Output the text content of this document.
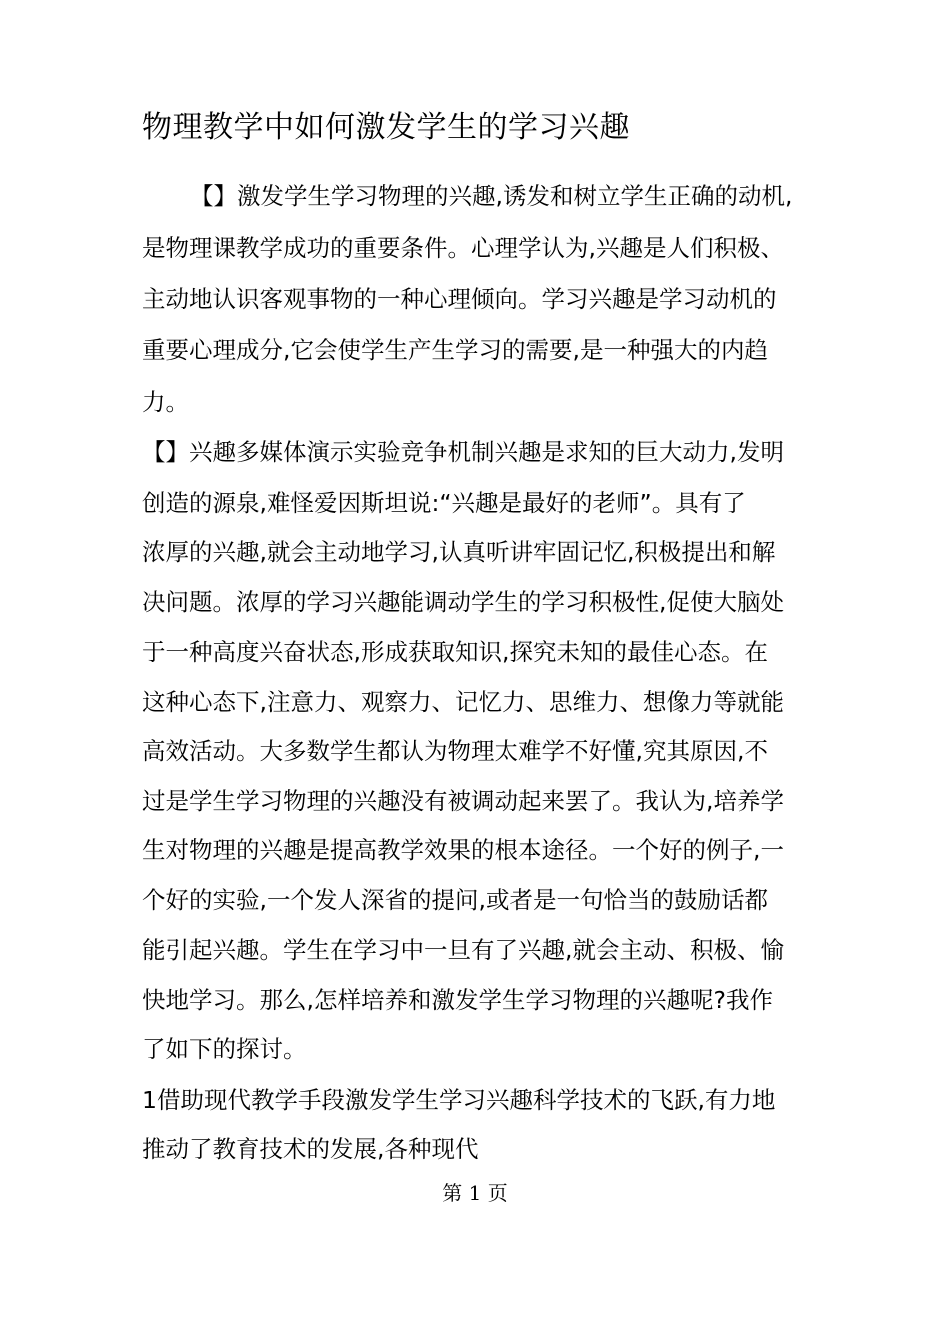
物理教学中如何激发学生的学习兴趣

【】激发学生学习物理的兴趣,诱发和树立学生正确的动机,

是物理课教学成功的重要条件。心理学认为,兴趣是人们积极、

主动地认识客观事物的一种心理倾向。学习兴趣是学习动机的

重要心理成分,它会使学生产生学习的需要,是一种强大的内趋

力。

【】兴趣多媒体演示实验竞争机制兴趣是求知的巨大动力,发明

创造的源泉,难怪爱因斯坦说:“兴趣是最好的老师”。具有了

浓厚的兴趣,就会主动地学习,认真听讲牢固记忆,积极提出和解

决问题。浓厚的学习兴趣能调动学生的学习积极性,促使大脑处

于一种高度兴奋状态,形成获取知识,探究未知的最佳心态。在

这种心态下,注意力、观察力、记忆力、思维力、想像力等就能

高效活动。大多数学生都认为物理太难学不好懂,究其原因,不

过是学生学习物理的兴趣没有被调动起来罢了。我认为,培养学

生对物理的兴趣是提高教学效果的根本途径。一个好的例子,一

个好的实验,一个发人深省的提问,或者是一句恰当的鼓励话都

能引起兴趣。学生在学习中一旦有了兴趣,就会主动、积极、愉

快地学习。那么,怎样培养和激发学生学习物理的兴趣呢?我作

了如下的探讨。

1借助现代教学手段激发学生学习兴趣科学技术的飞跃,有力地

推动了教育技术的发展,各种现代

第 1 页
